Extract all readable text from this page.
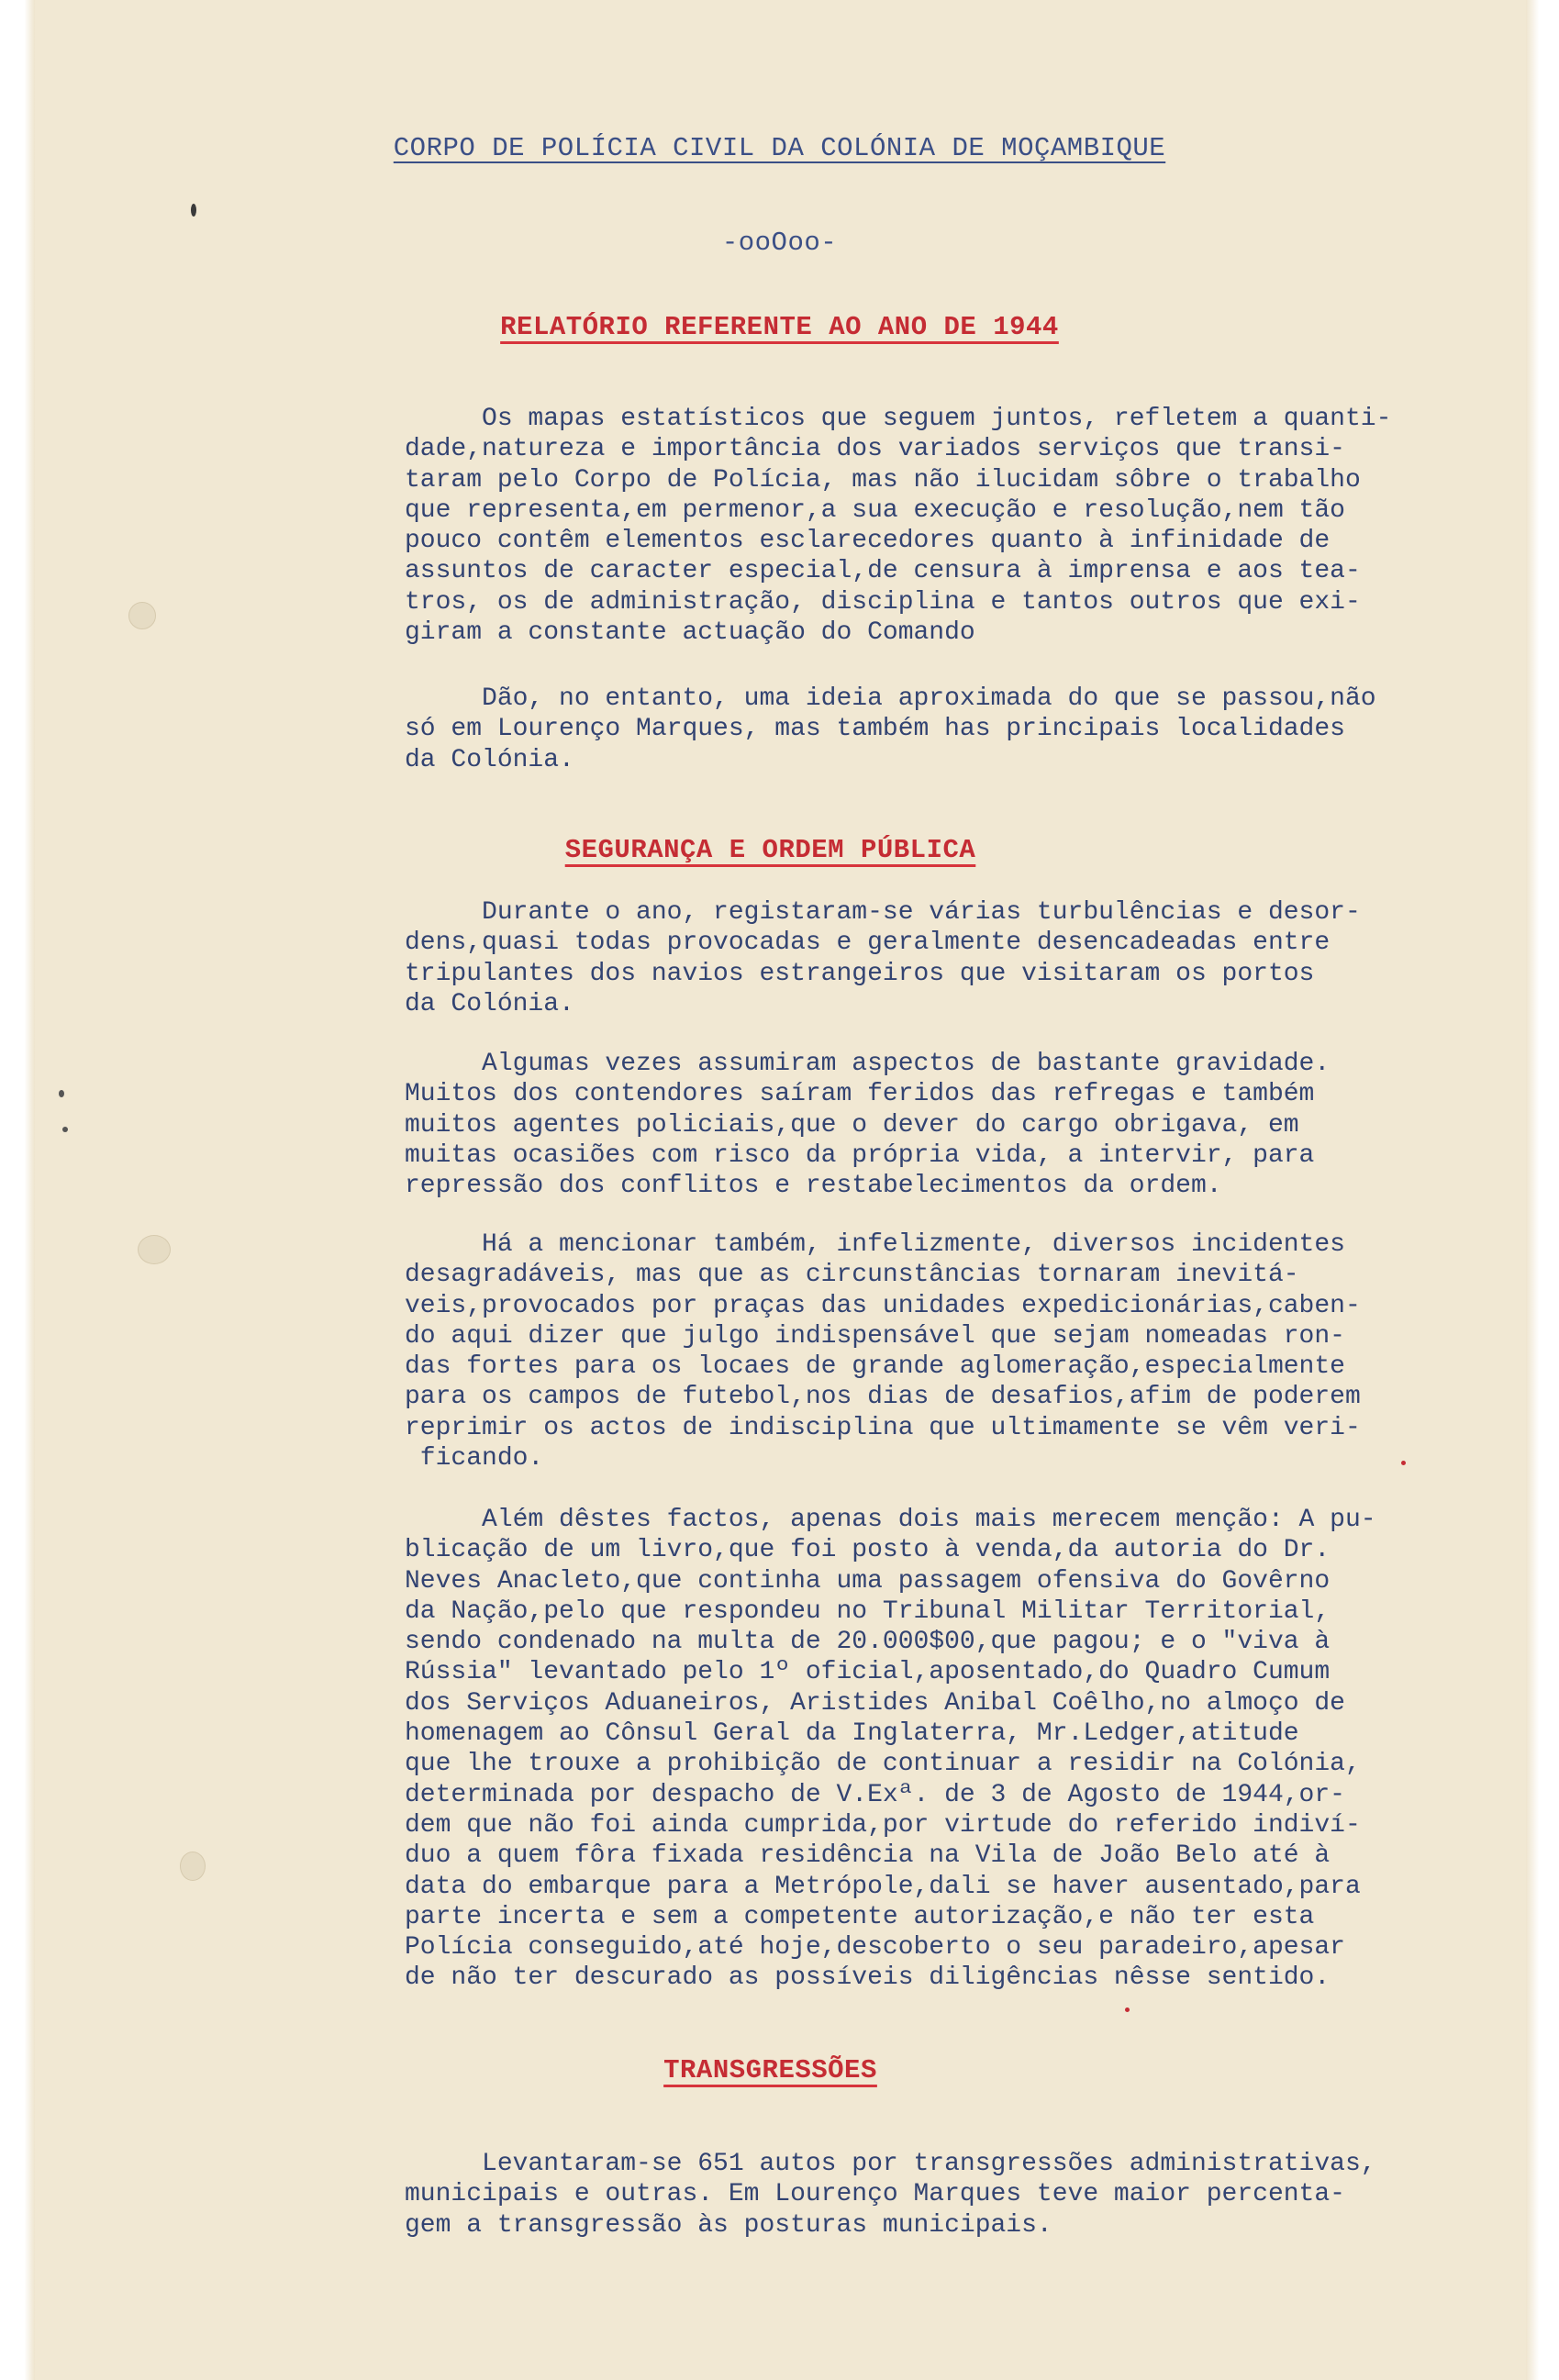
CORPO DE POLÍCIA CIVIL DA COLÓNIA DE MOÇAMBIQUE
-ooOoo-
RELATÓRIO REFERENTE AO ANO DE 1944
Os mapas estatísticos que seguem juntos, refletem a quanti-
dade,natureza e importância dos variados serviços que transi-
taram pelo Corpo de Polícia, mas não ilucidam sôbre o trabalho
que representa,em permenor,a sua execução e resolução,nem tão
pouco contêm elementos esclarecedores quanto à infinidade de
assuntos de caracter especial,de censura à imprensa e aos tea-
tros, os de administração, disciplina e tantos outros que exi-
giram a constante actuação do Comando
Dão, no entanto, uma ideia aproximada do que se passou,não
só em Lourenço Marques, mas também has principais localidades
da Colónia.
SEGURANÇA E ORDEM PÚBLICA
Durante o ano, registaram-se várias turbulências e desor-
dens,quasi todas provocadas e geralmente desencadeadas entre
tripulantes dos navios estrangeiros que visitaram os portos
da Colónia.
Algumas vezes assumiram aspectos de bastante gravidade.
Muitos dos contendores saíram feridos das refregas e também
muitos agentes policiais,que o dever do cargo obrigava, em
muitas ocasiões com risco da própria vida, a intervir, para
repressão dos conflitos e restabelecimentos da ordem.
Há a mencionar também, infelizmente, diversos incidentes
desagradáveis, mas que as circunstâncias tornaram inevitá-
veis,provocados por praças das unidades expedicionárias,caben-
do aqui dizer que julgo indispensável que sejam nomeadas ron-
das fortes para os locaes de grande aglomeração,especialmente
para os campos de futebol,nos dias de desafios,afim de poderem
reprimir os actos de indisciplina que ultimamente se vêm veri-
ficando.
Além dêstes factos, apenas dois mais merecem menção: A pu-
blicação de um livro,que foi posto à venda,da autoria do Dr.
Neves Anacleto,que continha uma passagem ofensiva do Govêrno
da Nação,pelo que respondeu no Tribunal Militar Territorial,
sendo condenado na multa de 20.000$00,que pagou; e o "viva à
Rússia" levantado pelo 1º oficial,aposentado,do Quadro Cumum
dos Serviços Aduaneiros, Aristides Anibal Coêlho,no almoço de
homenagem ao Cônsul Geral da Inglaterra, Mr.Ledger,atitude
que lhe trouxe a prohibição de continuar a residir na Colónia,
determinada por despacho de V.Exª. de 3 de Agosto de 1944,or-
dem que não foi ainda cumprida,por virtude do referido indiví-
duo a quem fôra fixada residência na Vila de João Belo até à
data do embarque para a Metrópole,dali se haver ausentado,para
parte incerta e sem a competente autorização,e não ter esta
Polícia conseguido,até hoje,descoberto o seu paradeiro,apesar
de não ter descurado as possíveis diligências nêsse sentido.
TRANSGRESSÕES
Levantaram-se 651 autos por transgressões administrativas,
municipais e outras. Em Lourenço Marques teve maior percenta-
gem a transgressão às posturas municipais.
